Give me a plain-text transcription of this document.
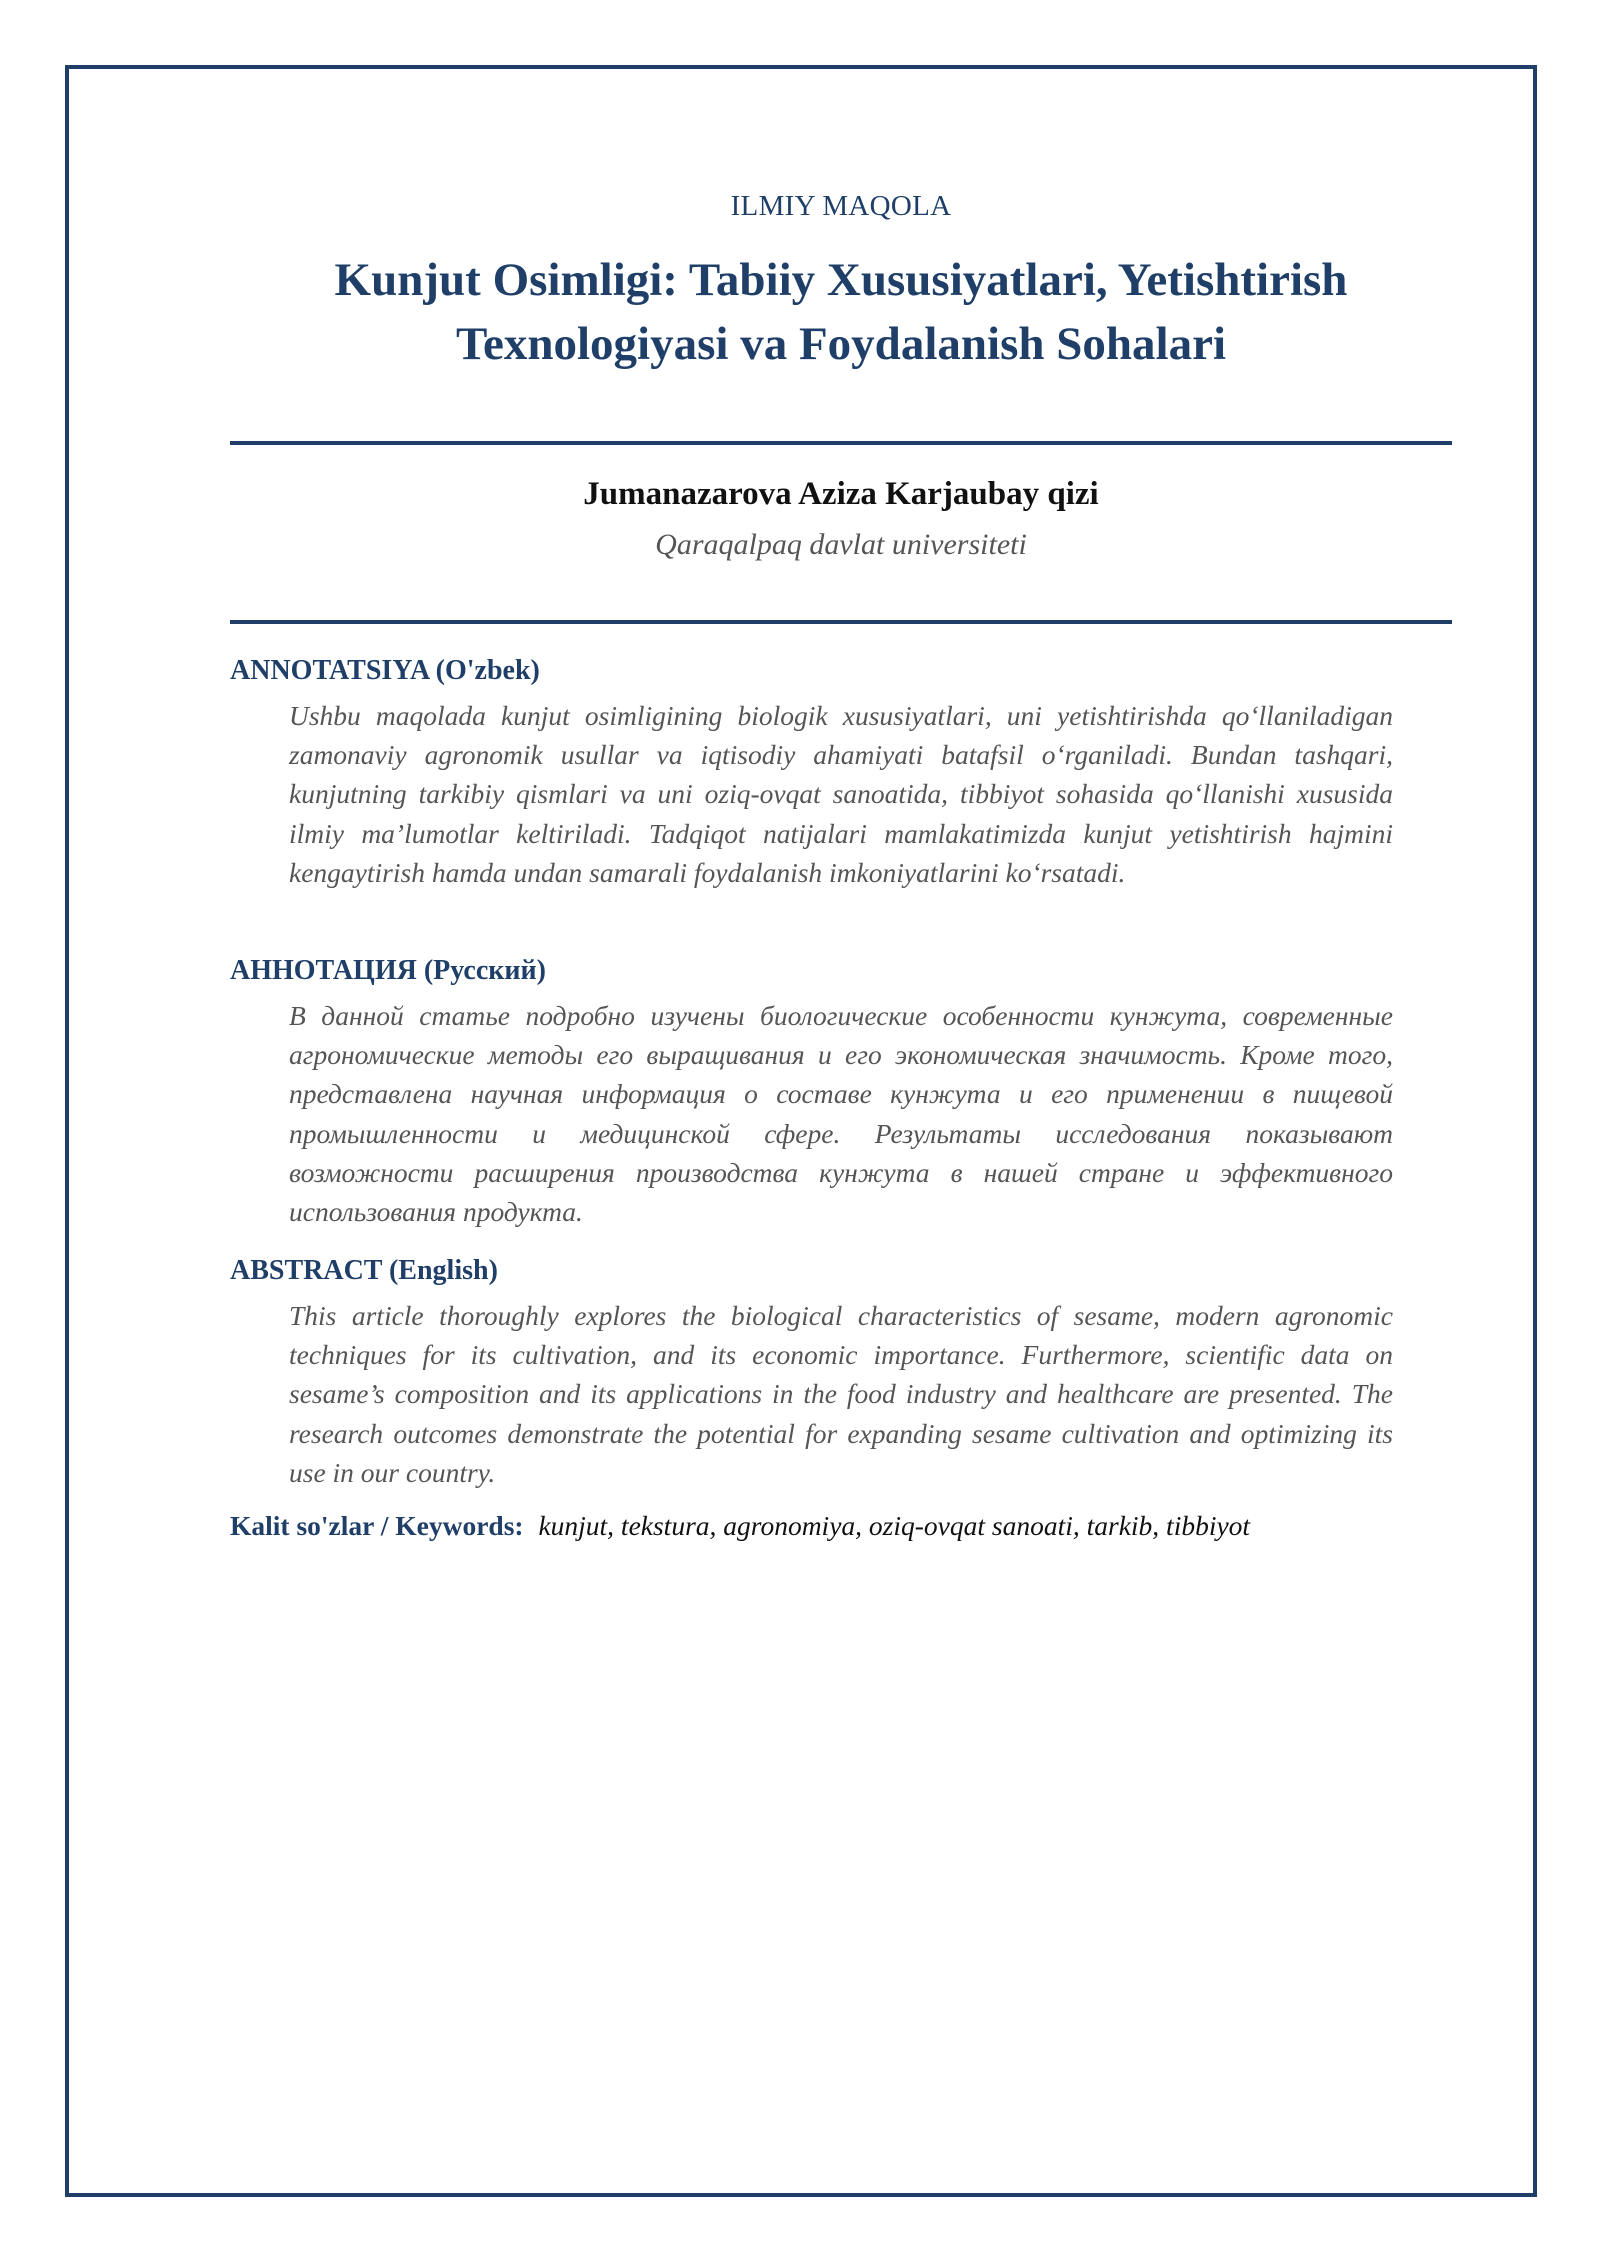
ILMIY MAQOLA
Kunjut Osimligi: Tabiiy Xususiyatlari, Yetishtirish Texnologiyasi va Foydalanish Sohalari
Jumanazarova Aziza Karjaubay qizi
Qaraqalpaq davlat universiteti
ANNOTATSIYA (O'zbek)

Ushbu maqolada kunjut osimligining biologik xususiyatlari, uni yetishtirishda qo‘llaniladigan zamonaviy agronomik usullar va iqtisodiy ahamiyati batafsil o‘rganiladi. Bundan tashqari, kunjutning tarkibiy qismlari va uni oziq-ovqat sanoatida, tibbiyot sohasida qo‘llanishi xususida ilmiy ma’lumotlar keltiriladi. Tadqiqot natijalari mamlakatimizda kunjut yetishtirish hajmini kengaytirish hamda undan samarali foydalanish imkoniyatlarini ko‘rsatadi.

АННОТАЦИЯ (Русский)

В данной статье подробно изучены биологические особенности кунжута, современные агрономические методы его выращивания и его экономическая значимость. Кроме того, представлена научная информация о составе кунжута и его применении в пищевой промышленности и медицинской сфере. Результаты исследования показывают возможности расширения производства кунжута в нашей стране и эффективного использования продукта.

ABSTRACT (English)

This article thoroughly explores the biological characteristics of sesame, modern agronomic techniques for its cultivation, and its economic importance. Furthermore, scientific data on sesame’s composition and its applications in the food industry and healthcare are presented. The research outcomes demonstrate the potential for expanding sesame cultivation and optimizing its use in our country.

Kalit so'zlar / Keywords: kunjut, tekstura, agronomiya, oziq-ovqat sanoati, tarkib, tibbiyot
